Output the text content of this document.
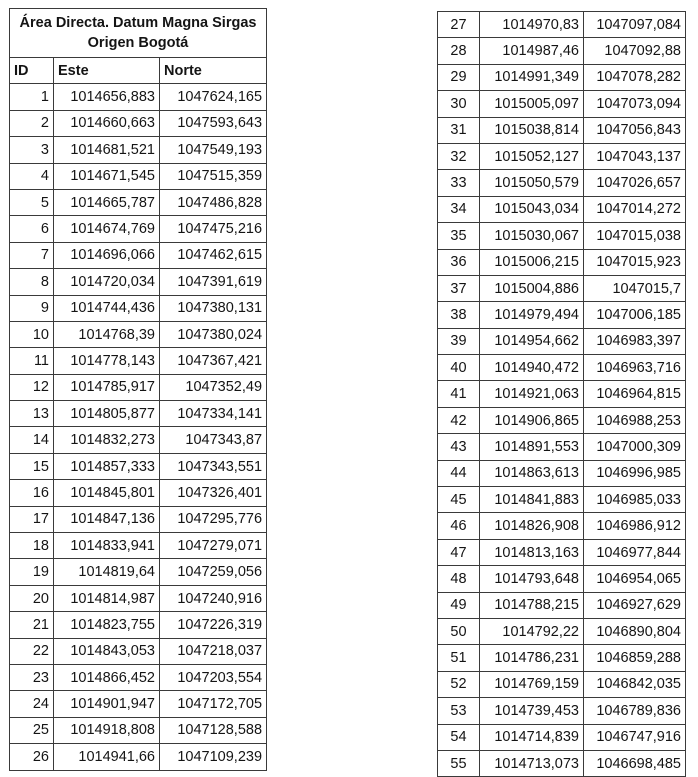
Área Directa. Datum Magna Sirgas
Origen Bogotá		
ID	Este	Norte
1	1014656,883	1047624,165
2	1014660,663	1047593,643
3	1014681,521	1047549,193
4	1014671,545	1047515,359
5	1014665,787	1047486,828
6	1014674,769	1047475,216
7	1014696,066	1047462,615
8	1014720,034	1047391,619
9	1014744,436	1047380,131
10	1014768,39	1047380,024
11	1014778,143	1047367,421
12	1014785,917	1047352,49
13	1014805,877	1047334,141
14	1014832,273	1047343,87
15	1014857,333	1047343,551
16	1014845,801	1047326,401
17	1014847,136	1047295,776
18	1014833,941	1047279,071
19	1014819,64	1047259,056
20	1014814,987	1047240,916
21	1014823,755	1047226,319
22	1014843,053	1047218,037
23	1014866,452	1047203,554
24	1014901,947	1047172,705
25	1014918,808	1047128,588
26	1014941,66	1047109,239
27	1014970,83	1047097,084
28	1014987,46	1047092,88
29	1014991,349	1047078,282
30	1015005,097	1047073,094
31	1015038,814	1047056,843
32	1015052,127	1047043,137
33	1015050,579	1047026,657
34	1015043,034	1047014,272
35	1015030,067	1047015,038
36	1015006,215	1047015,923
37	1015004,886	1047015,7
38	1014979,494	1047006,185
39	1014954,662	1046983,397
40	1014940,472	1046963,716
41	1014921,063	1046964,815
42	1014906,865	1046988,253
43	1014891,553	1047000,309
44	1014863,613	1046996,985
45	1014841,883	1046985,033
46	1014826,908	1046986,912
47	1014813,163	1046977,844
48	1014793,648	1046954,065
49	1014788,215	1046927,629
50	1014792,22	1046890,804
51	1014786,231	1046859,288
52	1014769,159	1046842,035
53	1014739,453	1046789,836
54	1014714,839	1046747,916
55	1014713,073	1046698,485
